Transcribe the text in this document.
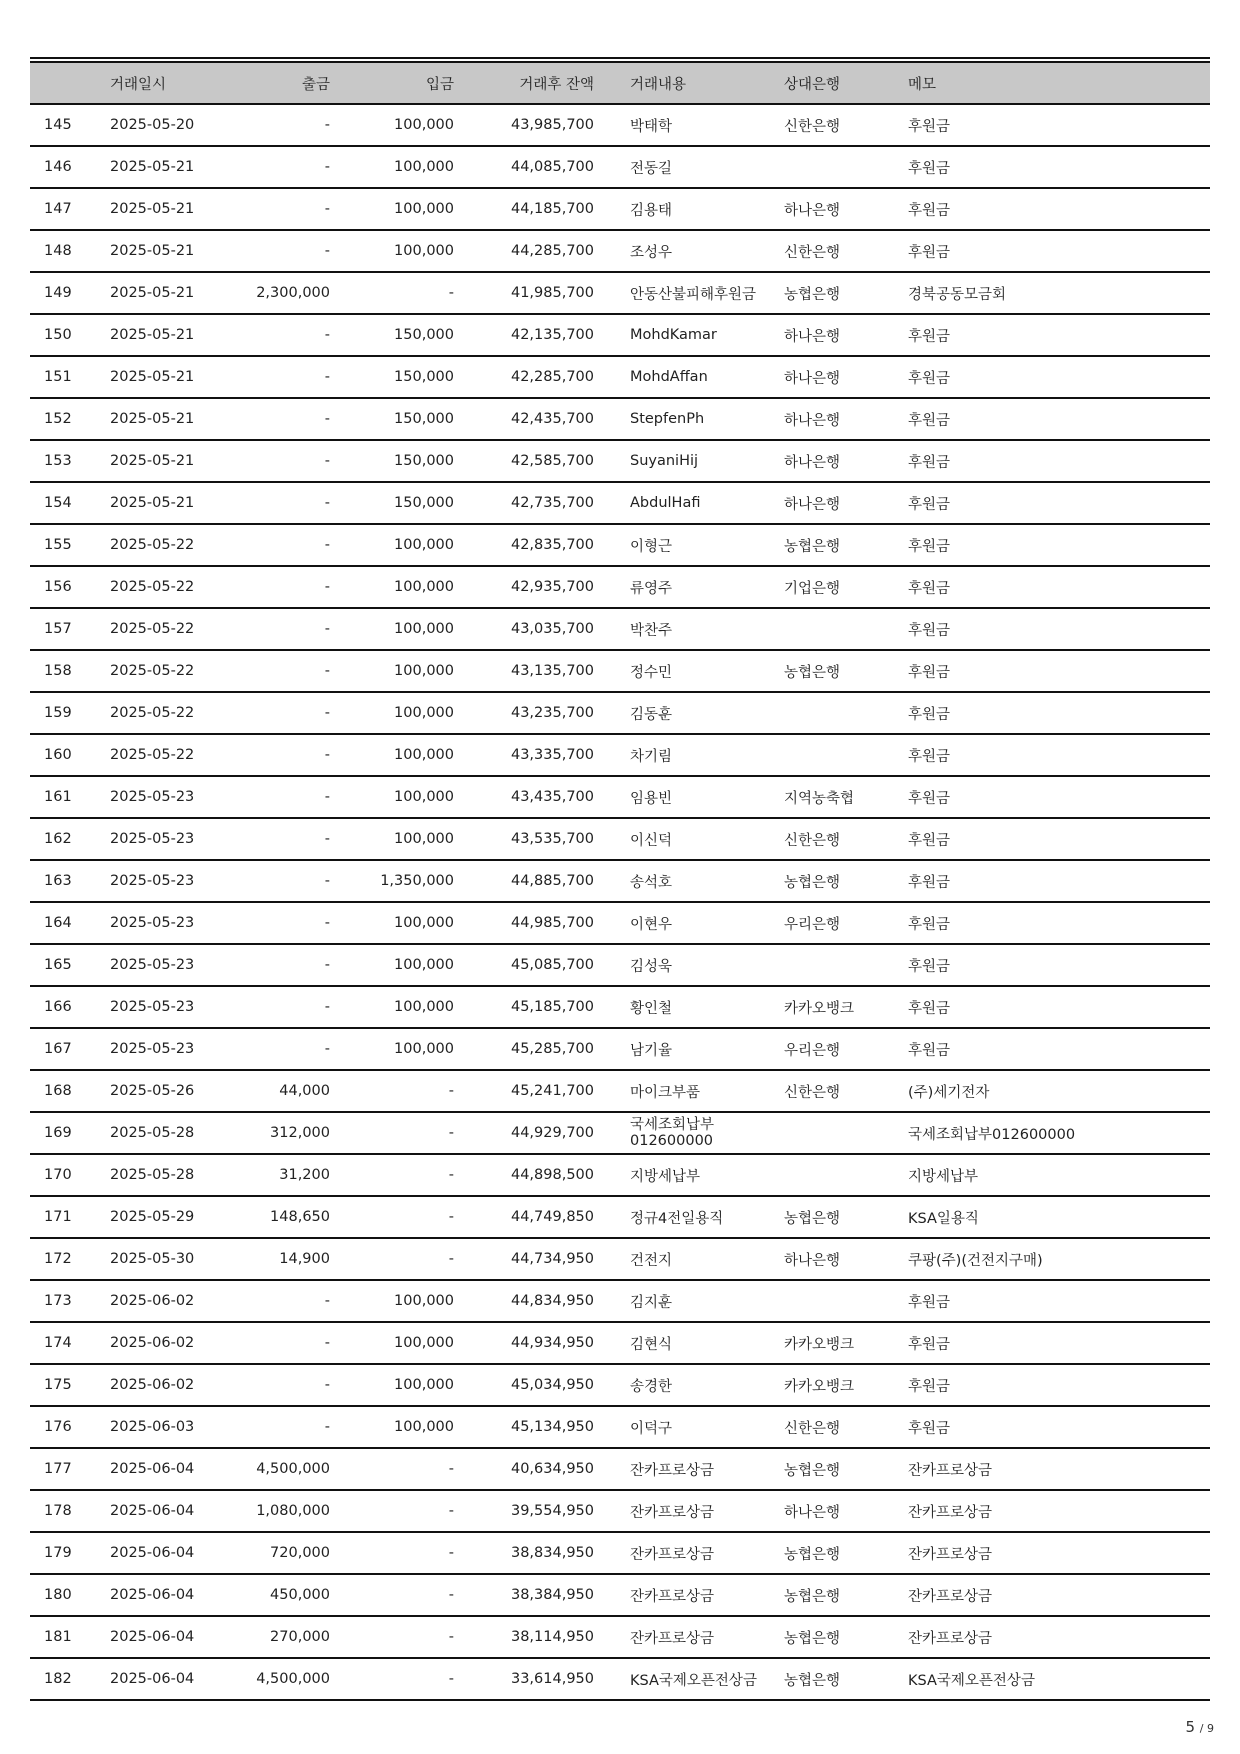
	거래일시	출금	입금	거래후 잔액	거래내용	상대은행	메모
145	2025-05-20	-	100,000	43,985,700	박태학	신한은행	후원금
146	2025-05-21	-	100,000	44,085,700	전동길		후원금
147	2025-05-21	-	100,000	44,185,700	김용태	하나은행	후원금
148	2025-05-21	-	100,000	44,285,700	조성우	신한은행	후원금
149	2025-05-21	2,300,000	-	41,985,700	안동산불피해후원금	농협은행	경북공동모금회
150	2025-05-21	-	150,000	42,135,700	MohdKamar	하나은행	후원금
151	2025-05-21	-	150,000	42,285,700	MohdAffan	하나은행	후원금
152	2025-05-21	-	150,000	42,435,700	StepfenPh	하나은행	후원금
153	2025-05-21	-	150,000	42,585,700	SuyaniHij	하나은행	후원금
154	2025-05-21	-	150,000	42,735,700	AbdulHafi	하나은행	후원금
155	2025-05-22	-	100,000	42,835,700	이형근	농협은행	후원금
156	2025-05-22	-	100,000	42,935,700	류영주	기업은행	후원금
157	2025-05-22	-	100,000	43,035,700	박찬주		후원금
158	2025-05-22	-	100,000	43,135,700	정수민	농협은행	후원금
159	2025-05-22	-	100,000	43,235,700	김동훈		후원금
160	2025-05-22	-	100,000	43,335,700	차기림		후원금
161	2025-05-23	-	100,000	43,435,700	임용빈	지역농축협	후원금
162	2025-05-23	-	100,000	43,535,700	이신덕	신한은행	후원금
163	2025-05-23	-	1,350,000	44,885,700	송석호	농협은행	후원금
164	2025-05-23	-	100,000	44,985,700	이현우	우리은행	후원금
165	2025-05-23	-	100,000	45,085,700	김성욱		후원금
166	2025-05-23	-	100,000	45,185,700	황인철	카카오뱅크	후원금
167	2025-05-23	-	100,000	45,285,700	남기율	우리은행	후원금
168	2025-05-26	44,000	-	45,241,700	마이크부품	신한은행	(주)세기전자
169	2025-05-28	312,000	-	44,929,700	국세조회납부 012600000		국세조회납부012600000
170	2025-05-28	31,200	-	44,898,500	지방세납부		지방세납부
171	2025-05-29	148,650	-	44,749,850	정규4전일용직	농협은행	KSA일용직
172	2025-05-30	14,900	-	44,734,950	건전지	하나은행	쿠팡(주)(건전지구매)
173	2025-06-02	-	100,000	44,834,950	김지훈		후원금
174	2025-06-02	-	100,000	44,934,950	김현식	카카오뱅크	후원금
175	2025-06-02	-	100,000	45,034,950	송경한	카카오뱅크	후원금
176	2025-06-03	-	100,000	45,134,950	이덕구	신한은행	후원금
177	2025-06-04	4,500,000	-	40,634,950	잔카프로상금	농협은행	잔카프로상금
178	2025-06-04	1,080,000	-	39,554,950	잔카프로상금	하나은행	잔카프로상금
179	2025-06-04	720,000	-	38,834,950	잔카프로상금	농협은행	잔카프로상금
180	2025-06-04	450,000	-	38,384,950	잔카프로상금	농협은행	잔카프로상금
181	2025-06-04	270,000	-	38,114,950	잔카프로상금	농협은행	잔카프로상금
182	2025-06-04	4,500,000	-	33,614,950	KSA국제오픈전상금	농협은행	KSA국제오픈전상금
5 / 9
